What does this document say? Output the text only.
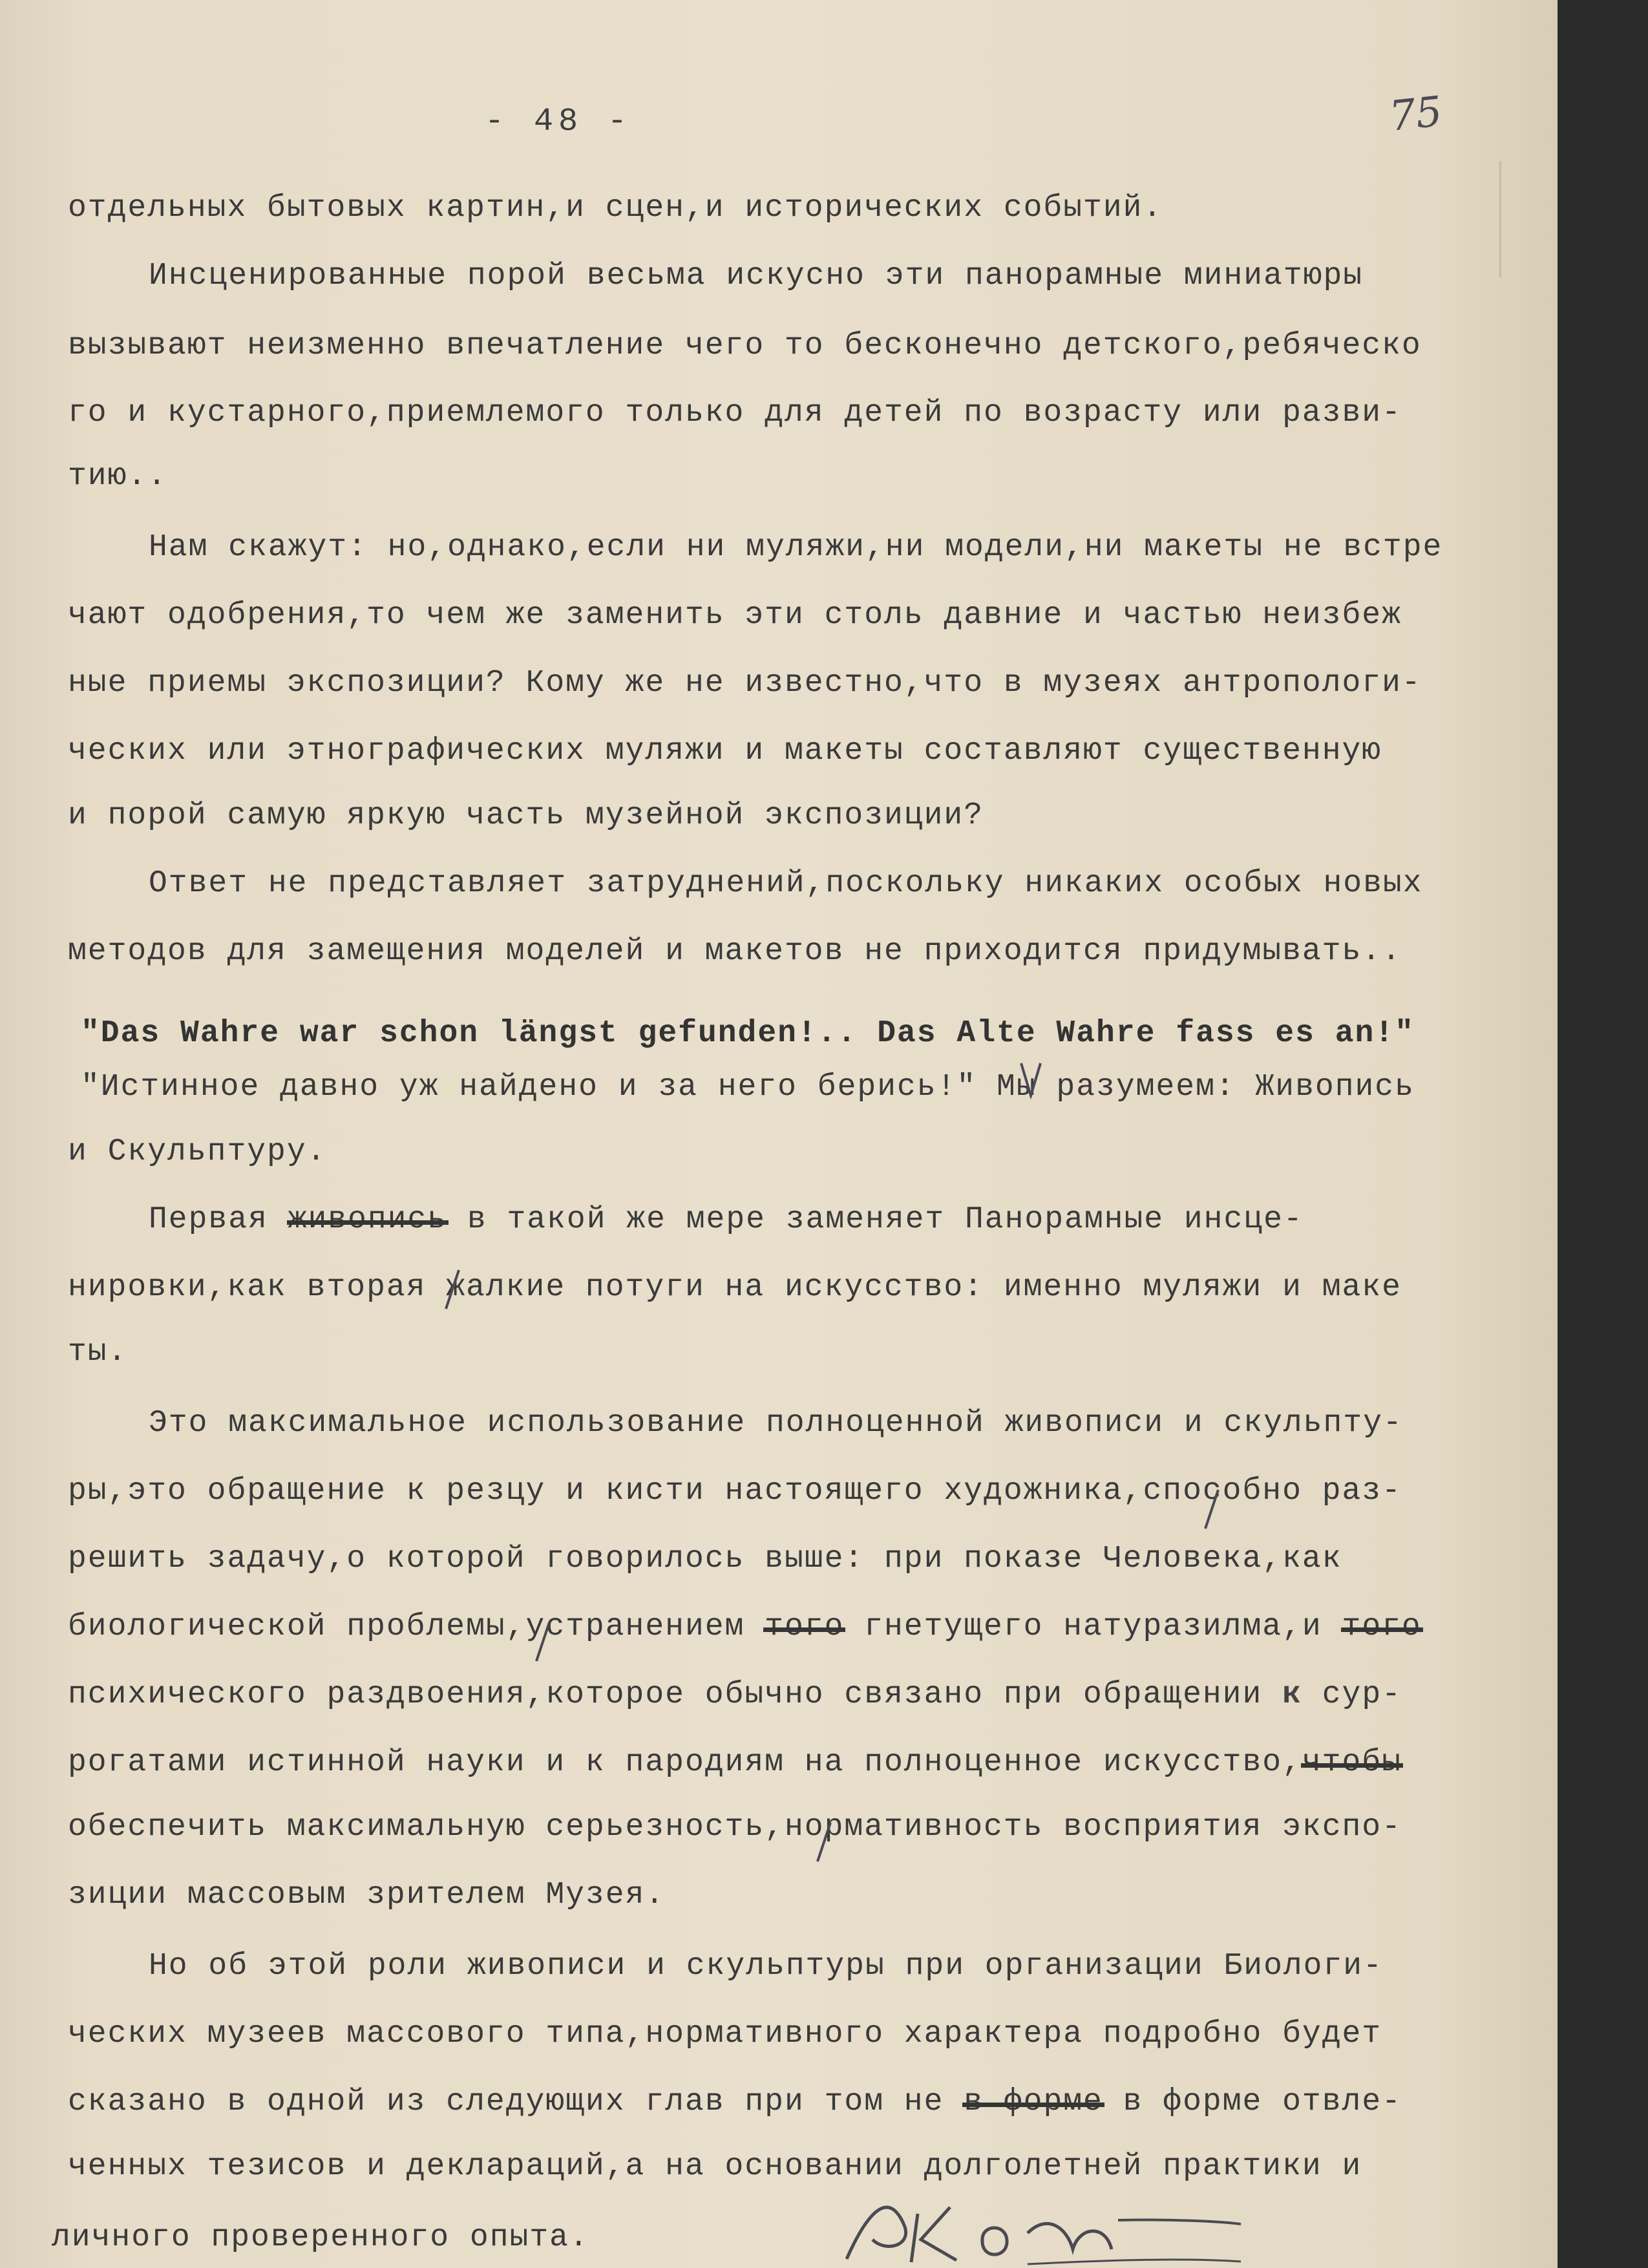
- 48 -	75
отдельных бытовых картин,и сцен,и исторических событий.
Инсценированные порой весьма искусно эти панорамные миниатюры
вызывают неизменно впечатление чего то бесконечно детского,ребяческо
го и кустарного,приемлемого только для детей по возрасту или разви-
тию..
Нам скажут: но,однако,если ни муляжи,ни модели,ни макеты не встре
чают одобрения,то чем же заменить эти столь давние и частью неизбеж
ные приемы экспозиции? Кому же не известно,что в музеях антропологи-
ческих или этнографических муляжи и макеты составляют существенную
и порой самую яркую часть музейной экспозиции?
Ответ не представляет затруднений,поскольку никаких особых новых
методов для замещения моделей и макетов не приходится придумывать..
"Das Wahre war schon längst gefunden!.. Das Alte Wahre fass es an!"
"Истинное давно уж найдено и за него берись!" Мы разумеем: Живопись
и Скульптуру.
Первая живопись в такой же мере заменяет Панорамные инсце-
нировки,как вторая жалкие потуги на искусство: именно муляжи и маке
ты.
Это максимальное использование полноценной живописи и скульпту-
ры,это обращение к резцу и кисти настоящего художника,способно раз-
решить задачу,о которой говорилось выше: при показе Человека,как
биологической проблемы,устранением того гнетущего натуразилма,и того
психического раздвоения,которое обычно связано при обращении к сур-
рогатами истинной науки и к пародиям на полноценное искусство,чтобы
обеспечить максимальную серьезность,нормативность восприятия экспо-
зиции массовым зрителем Музея.
Но об этой роли живописи и скульптуры при организации Биологи-
ческих музеев массового типа,нормативного характера подробно будет
сказано в одной из следующих глав при том не в форме в форме отвле-
ченных тезисов и деклараций,а на основании долголетней практики и
личного проверенного опыта.
